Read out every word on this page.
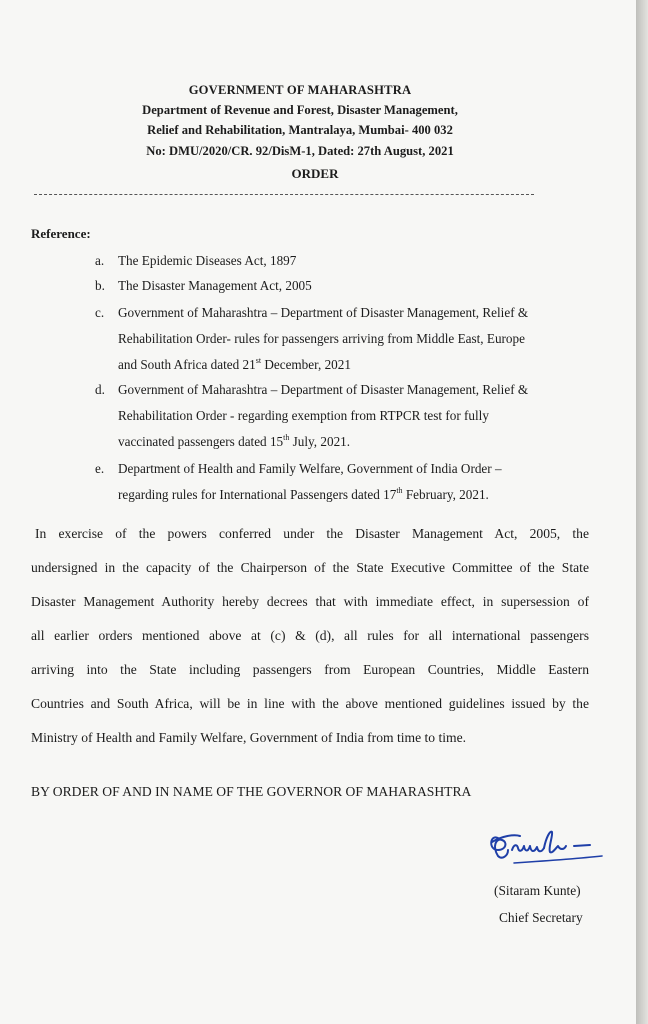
GOVERNMENT OF MAHARASHTRA
Department of Revenue and Forest, Disaster Management,
Relief and Rehabilitation, Mantralaya, Mumbai- 400 032
No: DMU/2020/CR. 92/DisM-1, Dated: 27th August, 2021
ORDER
Reference:
a. The Epidemic Diseases Act, 1897
b. The Disaster Management Act, 2005
c. Government of Maharashtra – Department of Disaster Management, Relief &
Rehabilitation Order- rules for passengers arriving from Middle East, Europe
and South Africa dated 21st December, 2021
d. Government of Maharashtra – Department of Disaster Management, Relief &
Rehabilitation Order - regarding exemption from RTPCR test for fully
vaccinated passengers dated 15th July, 2021.
e. Department of Health and Family Welfare, Government of India Order –
regarding rules for International Passengers dated 17th February, 2021.
In exercise of the powers conferred under the Disaster Management Act, 2005, the
undersigned in the capacity of the Chairperson of the State Executive Committee of the State
Disaster Management Authority hereby decrees that with immediate effect, in supersession of
all earlier orders mentioned above at (c) & (d), all rules for all international passengers
arriving into the State including passengers from European Countries, Middle Eastern
Countries and South Africa, will be in line with the above mentioned guidelines issued by the
Ministry of Health and Family Welfare, Government of India from time to time.
BY ORDER OF AND IN NAME OF THE GOVERNOR OF MAHARASHTRA
(Sitaram Kunte)
Chief Secretary
